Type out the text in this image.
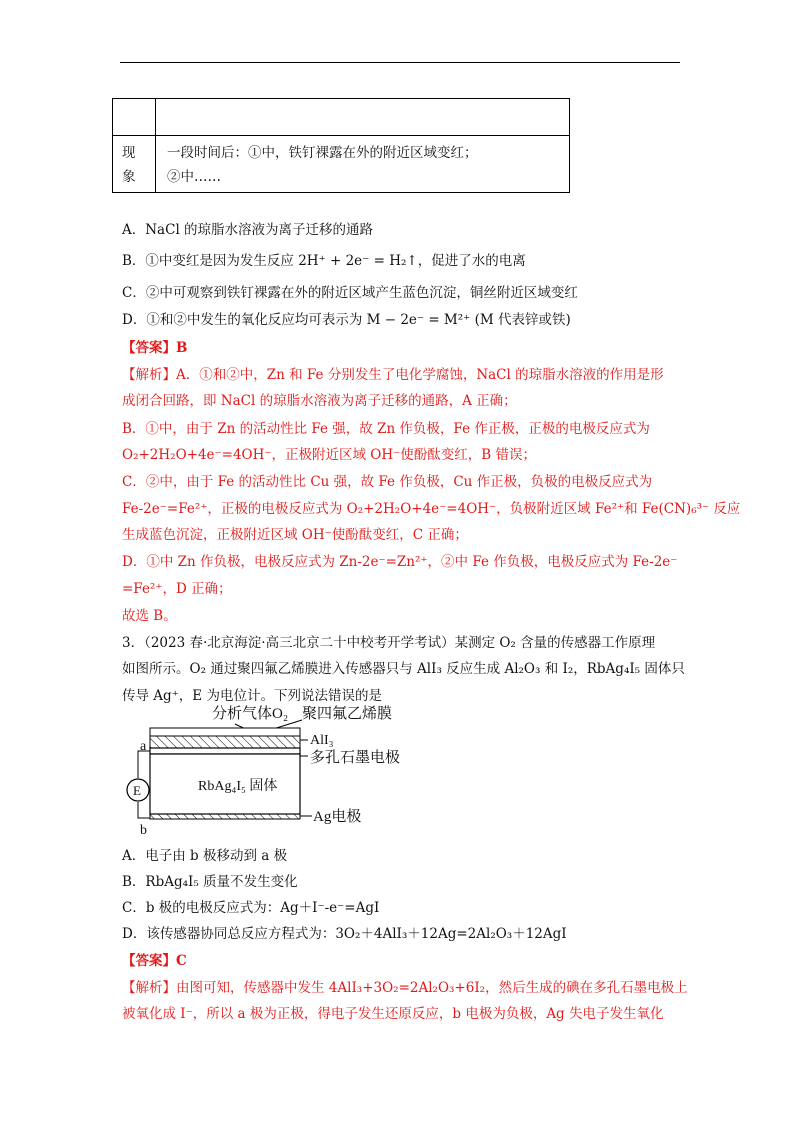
现
象	一段时间后：①中，铁钉裸露在外的附近区域变红；
②中……
A．NaCl 的琼脂水溶液为离子迁移的通路
B．①中变红是因为发生反应 2H⁺ + 2e⁻ = H₂↑，促进了水的电离
C．②中可观察到铁钉裸露在外的附近区域产生蓝色沉淀，铜丝附近区域变红
D．①和②中发生的氧化反应均可表示为 M − 2e⁻ = M²⁺ (M 代表锌或铁)
【答案】B
【解析】A．①和②中，Zn 和 Fe 分别发生了电化学腐蚀，NaCl 的琼脂水溶液的作用是形
成闭合回路，即 NaCl 的琼脂水溶液为离子迁移的通路，A 正确；
B．①中，由于 Zn 的活动性比 Fe 强，故 Zn 作负极，Fe 作正极，正极的电极反应式为
O₂+2H₂O+4e⁻=4OH⁻，正极附近区域 OH⁻使酚酞变红，B 错误；
C．②中，由于 Fe 的活动性比 Cu 强，故 Fe 作负极，Cu 作正极，负极的电极反应式为
Fe-2e⁻=Fe²⁺，正极的电极反应式为 O₂+2H₂O+4e⁻=4OH⁻，负极附近区域 Fe²⁺和 Fe(CN)₆³⁻ 反应
生成蓝色沉淀，正极附近区域 OH⁻使酚酞变红，C 正确；
D．①中 Zn 作负极，电极反应式为 Zn-2e⁻=Zn²⁺，②中 Fe 作负极，电极反应式为 Fe-2e⁻
=Fe²⁺，D 正确；
故选 B。
3．（2023 春·北京海淀·高三北京二十中校考开学考试）某测定 O₂ 含量的传感器工作原理
如图所示。O₂ 通过聚四氟乙烯膜进入传感器只与 AlI₃ 反应生成 Al₂O₃ 和 I₂，RbAg₄I₅ 固体只
传导 Ag⁺，E 为电位计。下列说法错误的是
分析气体O₂ 聚四氟乙烯膜
AlI₃
多孔石墨电极
RbAg₄I₅ 固体
Ag电极
E
a
b
A．电子由 b 极移动到 a 极
B．RbAg₄I₅ 质量不发生变化
C．b 极的电极反应式为：Ag＋I⁻-e⁻=AgI
D．该传感器协同总反应方程式为：3O₂＋4AlI₃＋12Ag=2Al₂O₃＋12AgI
【答案】C
【解析】由图可知，传感器中发生 4AlI₃+3O₂=2Al₂O₃+6I₂，然后生成的碘在多孔石墨电极上
被氧化成 I⁻，所以 a 极为正极，得电子发生还原反应，b 电极为负极，Ag 失电子发生氧化
